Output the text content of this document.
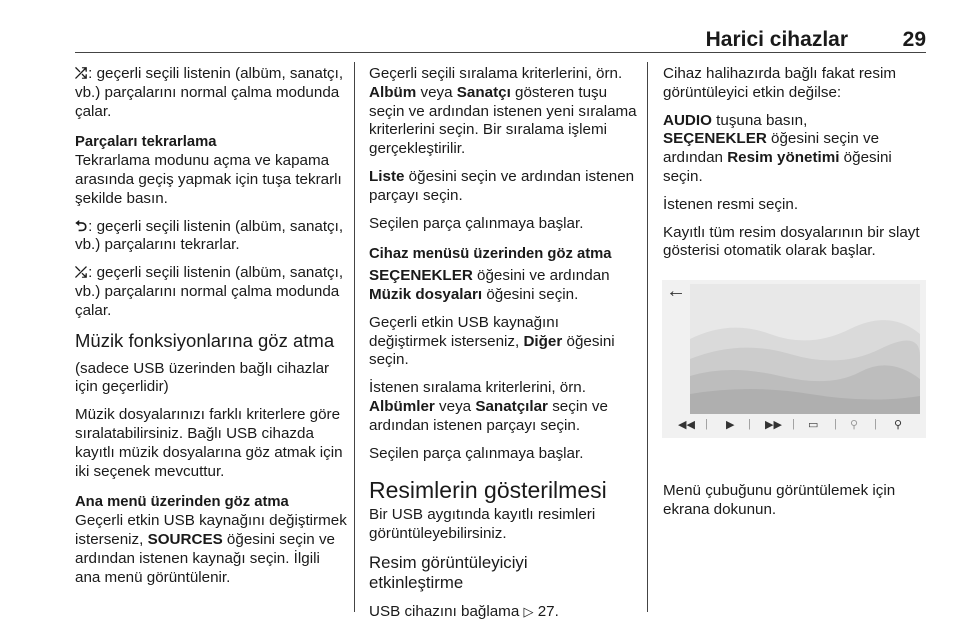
Harici cihazlar	29

⤮: geçerli seçili listenin (albüm, sanatçı, vb.) parçalarını normal çalma modunda çalar.

Parçaları tekrarlama

Tekrarlama modunu açma ve kapama arasında geçiş yapmak için tuşa tekrarlı şekilde basın.

⮌: geçerli seçili listenin (albüm, sanatçı, vb.) parçalarını tekrarlar.

⤰: geçerli seçili listenin (albüm, sanatçı, vb.) parçalarını normal çalma modunda çalar.

Müzik fonksiyonlarına göz atma

(sadece USB üzerinden bağlı cihazlar için geçerlidir)

Müzik dosyalarınızı farklı kriterlere göre sıralatabilirsiniz. Bağlı USB cihazda kayıtlı müzik dosyalarına göz atmak için iki seçenek mevcuttur.

Ana menü üzerinden göz atma

Geçerli etkin USB kaynağını değiştirmek isterseniz, SOURCES öğesini seçin ve ardından istenen kaynağı seçin. İlgili ana menü görüntülenir.

Geçerli seçili sıralama kriterlerini, örn. Albüm veya Sanatçı gösteren tuşu seçin ve ardından istenen yeni sıralama kriterlerini seçin. Bir sıralama işlemi gerçekleştirilir.

Liste öğesini seçin ve ardından istenen parçayı seçin.

Seçilen parça çalınmaya başlar.

Cihaz menüsü üzerinden göz atma

SEÇENEKLER öğesini ve ardından Müzik dosyaları öğesini seçin.

Geçerli etkin USB kaynağını değiştirmek isterseniz, Diğer öğesini seçin.

İstenen sıralama kriterlerini, örn. Albümler veya Sanatçılar seçin ve ardından istenen parçayı seçin.

Seçilen parça çalınmaya başlar.

Resimlerin gösterilmesi

Bir USB aygıtında kayıtlı resimleri görüntüleyebilirsiniz.

Resim görüntüleyiciyi
etkinleştirme

USB cihazını bağlama ▷ 27.

Cihaz halihazırda bağlı fakat resim görüntüleyici etkin değilse:

AUDIO tuşuna basın,
SEÇENEKLER öğesini seçin ve ardından Resim yönetimi öğesini seçin.

İstenen resmi seçin.

Kayıtlı tüm resim dosyalarının bir slayt gösterisi otomatik olarak başlar.

←
◀◀ | ▶ | ▶▶ | ▭ | ⚲ | ⚲
Menü çubuğunu görüntülemek için ekrana dokunun.
